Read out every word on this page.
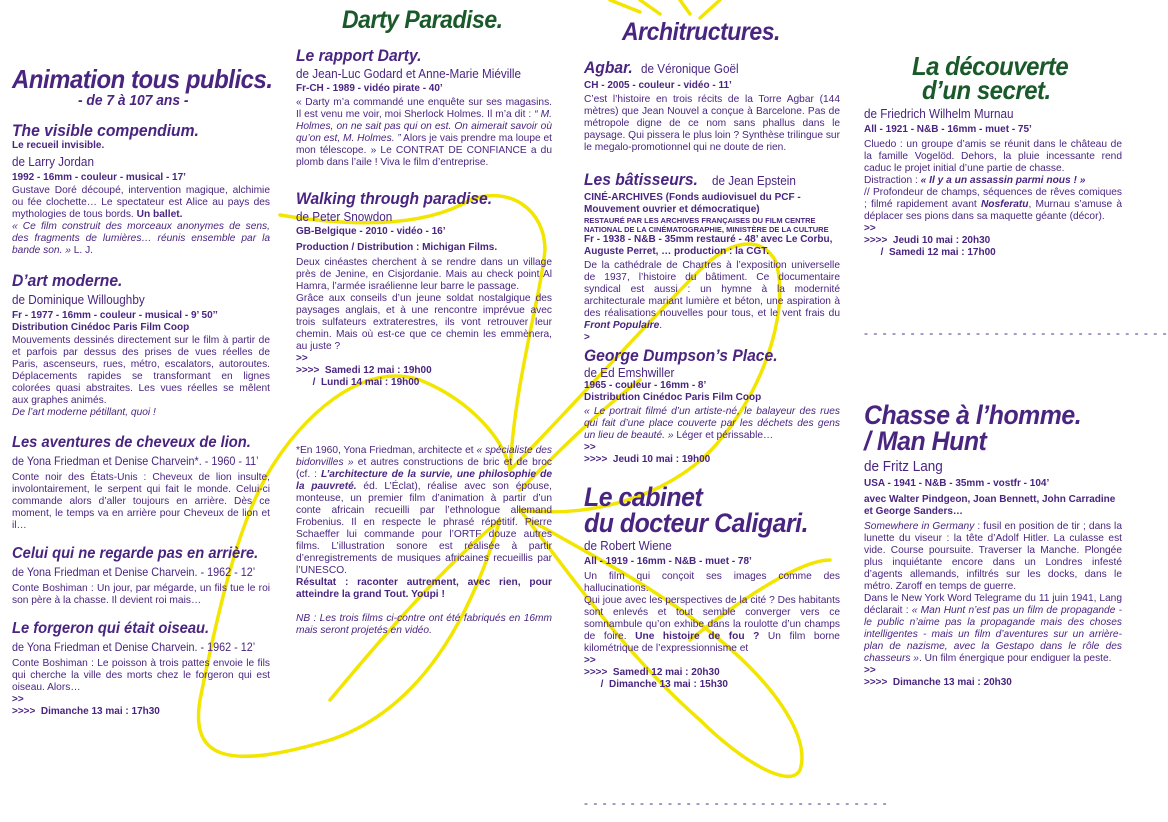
Darty Paradise.	Architructures.
Animation tous publics.
- de 7 à 107 ans -
The visible compendium.
Le recueil invisible.
de Larry Jordan
1992 - 16mm - couleur - musical - 17’
Gustave Doré découpé, intervention magique, alchimie ou fée clochette… Le spectateur est Alice au pays des mythologies de tous bords. Un ballet.
« Ce film construit des morceaux anonymes de sens, des fragments de lumières… réunis ensemble par la bande son. » L. J.
D’art moderne.
de Dominique Willoughby
Fr - 1977 - 16mm - couleur - musical - 9’ 50’’
Distribution Cinédoc Paris Film Coop
Mouvements dessinés directement sur le film à partir de et parfois par dessus des prises de vues réelles de Paris, ascenseurs, rues, métro, escalators, autoroutes. Déplacements rapides se transformant en lignes colorées quasi abstraites. Les vues réelles se mêlent aux graphes animés.
De l’art moderne pétillant, quoi !
Les aventures de cheveux de lion.
de Yona Friedman et Denise Charvein*. - 1960 - 11’
Conte noir des États-Unis : Cheveux de lion insulte, involontairement, le serpent qui fait le monde. Celui-ci commande alors d’aller toujours en arrière. Dès ce moment, le temps va en arrière pour Cheveux de lion et il…
Celui qui ne regarde pas en arrière.
de Yona Friedman et Denise Charvein. - 1962 - 12’
Conte Boshiman : Un jour, par mégarde, un fils tue le roi son père à la chasse. Il devient roi mais…
Le forgeron qui était oiseau.
de Yona Friedman et Denise Charvein. - 1962 - 12’
Conte Boshiman : Le poisson à trois pattes envoie le fils qui cherche la ville des morts chez le forgeron qui est oiseau. Alors…
>>
>>>>  Dimanche 13 mai : 17h30
Le rapport Darty.
de Jean-Luc Godard et Anne-Marie Miéville
Fr-CH - 1989 - vidéo pirate - 40’
« Darty m’a commandé une enquête sur ses magasins. Il est venu me voir, moi Sherlock Holmes. Il m’a dit : “ M. Holmes, on ne sait pas qui on est. On aimerait savoir où qu’on est, M. Holmes. ” Alors je vais prendre ma loupe et mon télescope. » Le CONTRAT DE CONFIANCE a du plomb dans l’aile ! Viva le film d’entreprise.
Walking through paradise.
de Peter Snowdon
GB-Belgique - 2010 - vidéo - 16’
Production / Distribution : Michigan Films.
Deux cinéastes cherchent à se rendre dans un village près de Jenine, en Cisjordanie. Mais au check point Al Hamra, l’armée israélienne leur barre le passage.
Grâce aux conseils d’un jeune soldat nostalgique des paysages anglais, et à une rencontre imprévue avec trois sulfateurs extraterestres, ils vont retrouver leur chemin. Mais où est-ce que ce chemin les emmènera, au juste ?
>>
>>>>  Samedi 12 mai : 19h00
/  Lundi 14 mai : 19h00
*En 1960, Yona Friedman, architecte et « spécialiste des bidonvilles » et autres constructions de bric et de broc (cf. : L’architecture de la survie, une philosophie de la pauvreté. éd. L’Éclat), réalise avec son épouse, monteuse, un premier film d’animation à partir d’un conte africain recueilli par l’ethnologue allemand Frobenius. Il en respecte le phrasé répétitif. Pierre Schaeffer lui commande pour l’ORTF douze autres films. L’illustration sonore est réalisée à partir d’enregistrements de musiques africaines recueillis par l’UNESCO.
Résultat : raconter autrement, avec rien, pour atteindre la grand Tout. Youpi !
NB : Les trois films ci-contre ont été fabriqués en 16mm mais seront projetés en vidéo.
Agbar. de Véronique Goël
CH - 2005 - couleur - vidéo - 11’
C’est l’histoire en trois récits de la Torre Agbar (144 mètres) que Jean Nouvel a conçue à Barcelone. Pas de métropole digne de ce nom sans phallus dans le paysage. Qui pissera le plus loin ? Synthèse trilingue sur le megalo-promotionnel qui ne doute de rien.
Les bâtisseurs. de Jean Epstein
CINÉ-ARCHIVES (Fonds audiovisuel du PCF - Mouvement ouvrier et démocratique)
RESTAURÉ PAR LES ARCHIVES FRANÇAISES DU FILM CENTRE NATIONAL DE LA CINÉMATOGRAPHIE, MINISTÈRE DE LA CULTURE
Fr - 1938 - N&B - 35mm restauré - 48’ avec Le Corbu, Auguste Perret, … production : la CGT.
De la cathédrale de Chartres à l’exposition universelle de 1937, l’histoire du bâtiment. Ce documentaire syndical est aussi : un hymne à la modernité architecturale mariant lumière et béton, une aspiration à des réalisations nouvelles pour tous, et le vent frais du Front Populaire.
>
George Dumpson’s Place.
de Ed Emshwiller
1965 - couleur - 16mm - 8’
Distribution Cinédoc Paris Film Coop
« Le portrait filmé d’un artiste-né, le balayeur des rues qui fait d’une place couverte par les déchets des gens un lieu de beauté. » Léger et périssable…
>>
>>>>  Jeudi 10 mai : 19h00
Le cabinet
du docteur Caligari.
de Robert Wiene
All - 1919 - 16mm - N&B - muet - 78’
Un film qui conçoit ses images comme des hallucinations.
Qui joue avec les perspectives de la cité ? Des habitants sont enlevés et tout semble converger vers ce somnambule qu’on exhibe dans la roulotte d’un champs de foire. Une histoire de fou ? Un film borne kilométrique de l’expressionnisme et
>>
>>>>  Samedi 12 mai : 20h30
/  Dimanche 13 mai : 15h30
- - - - - - - - - - - - - - - - - - - - - - - - - - - - - - - - -
La découverte
d’un secret.
de Friedrich Wilhelm Murnau
All - 1921 - N&B - 16mm - muet - 75’
Cluedo : un groupe d’amis se réunit dans le château de la famille Vogelöd. Dehors, la pluie incessante rend caduc le projet initial d’une partie de chasse.
Distraction : « Il y a un assassin parmi nous ! »
// Profondeur de champs, séquences de rêves comiques ; filmé rapidement avant Nosferatu, Murnau s’amuse à déplacer ses pions dans sa maquette géante (décor).
>>
>>>>  Jeudi 10 mai : 20h30
/  Samedi 12 mai : 17h00
- - - - - - - - - - - - - - - - - - - - - - - - - - - - - - - - -
Chasse à l’homme.
/ Man Hunt
de Fritz Lang
USA - 1941 - N&B - 35mm - vostfr - 104’
avec Walter Pindgeon, Joan Bennett, John Carradine et George Sanders…
Somewhere in Germany : fusil en position de tir ; dans la lunette du viseur : la tête d’Adolf Hitler. La culasse est vide. Course poursuite. Traverser la Manche. Plongée plus inquiétante encore dans un Londres infesté d’agents allemands, infiltrés sur les docks, dans le métro. Zaroff en temps de guerre.
Dans le New York Word Telegrame du 11 juin 1941, Lang déclarait : « Man Hunt n’est pas un film de propagande - le public n’aime pas la propagande mais des choses intelligentes - mais un film d’aventures sur un arrière-plan de nazisme, avec la Gestapo dans le rôle des chasseurs ». Un film énergique pour endiguer la peste.
>>
>>>>  Dimanche 13 mai : 20h30
